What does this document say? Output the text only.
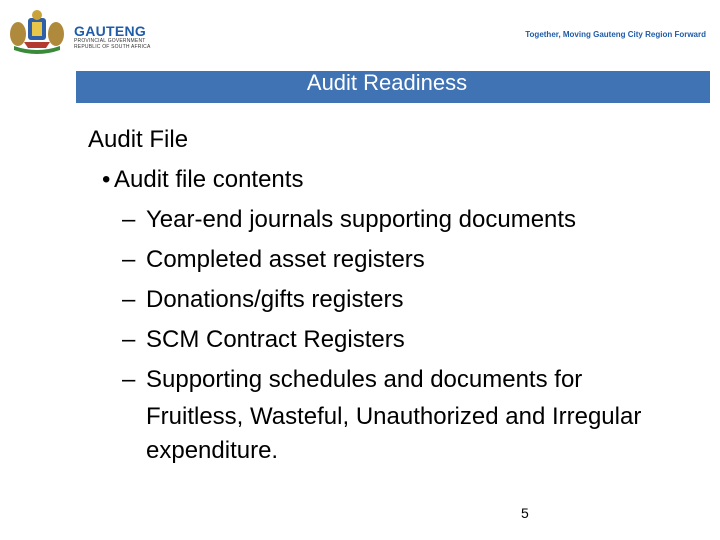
GAUTENG
PROVINCIAL GOVERNMENT
REPUBLIC OF SOUTH AFRICA
Together, Moving Gauteng City Region Forward
Audit Readiness
Audit File
• Audit file contents
– Year-end journals supporting documents
– Completed asset registers
– Donations/gifts registers
– SCM Contract Registers
– Supporting schedules and documents for
Fruitless, Wasteful, Unauthorized and Irregular
expenditure.
5
